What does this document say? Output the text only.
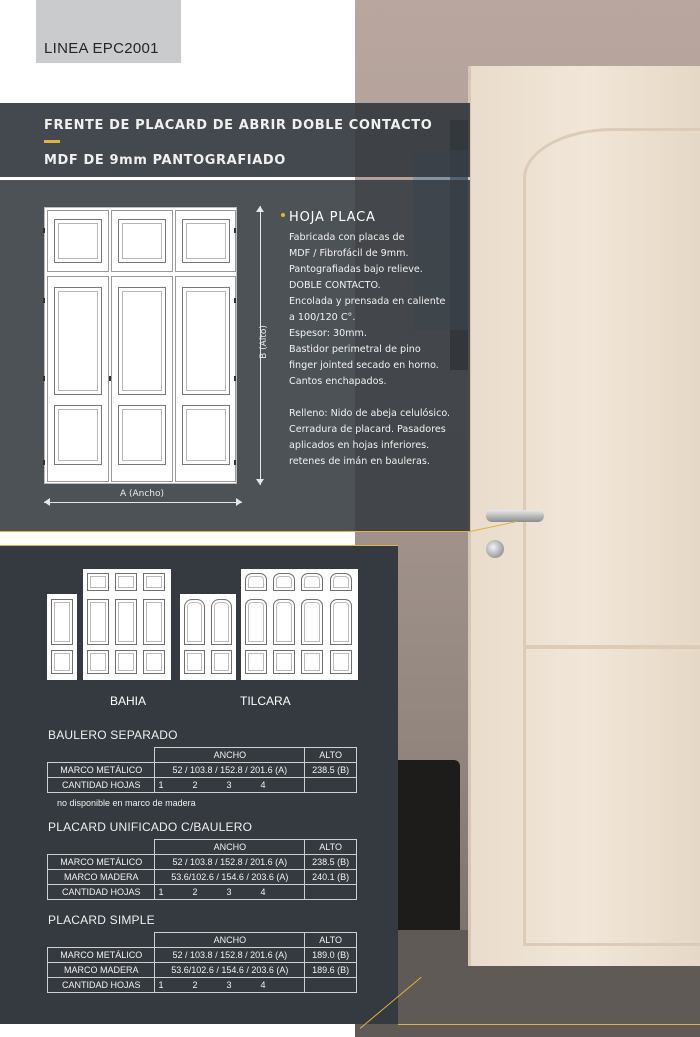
LINEA EPC2001
FRENTE DE PLACARD DE ABRIR DOBLE CONTACTO
MDF DE 9mm PANTOGRAFIADO
B (Alto)
A (Ancho)
HOJA PLACA

Fabricada con placas de

MDF / Fibrofácil de 9mm.

Pantografiadas bajo relieve.

DOBLE CONTACTO.

Encolada y prensada en caliente

a 100/120 C°.

Espesor: 30mm.

Bastidor perimetral de pino

finger jointed secado en horno.

Cantos enchapados.

Relleno: Nido de abeja celulósico.

Cerradura de placard. Pasadores

aplicados en hojas inferiores.

retenes de imán en bauleras.

BAHIA	TILCARA
BAULERO SEPARADO
	ANCHO	ALTO
MARCO METÁLICO	52 / 103.8 / 152.8 / 201.6 (A)	238.5 (B)
CANTIDAD HOJAS	1 2 3 4	
no disponible en marco de madera
PLACARD UNIFICADO C/BAULERO
	ANCHO	ALTO
MARCO METÁLICO	52 / 103.8 / 152.8 / 201.6 (A)	238.5 (B)
MARCO MADERA	53.6/102.6 / 154.6 / 203.6 (A)	240.1 (B)
CANTIDAD HOJAS	1 2 3 4	
PLACARD SIMPLE
	ANCHO	ALTO
MARCO METÁLICO	52 / 103.8 / 152.8 / 201.6 (A)	189.0 (B)
MARCO MADERA	53.6/102.6 / 154.6 / 203.6 (A)	189.6 (B)
CANTIDAD HOJAS	1 2 3 4	
